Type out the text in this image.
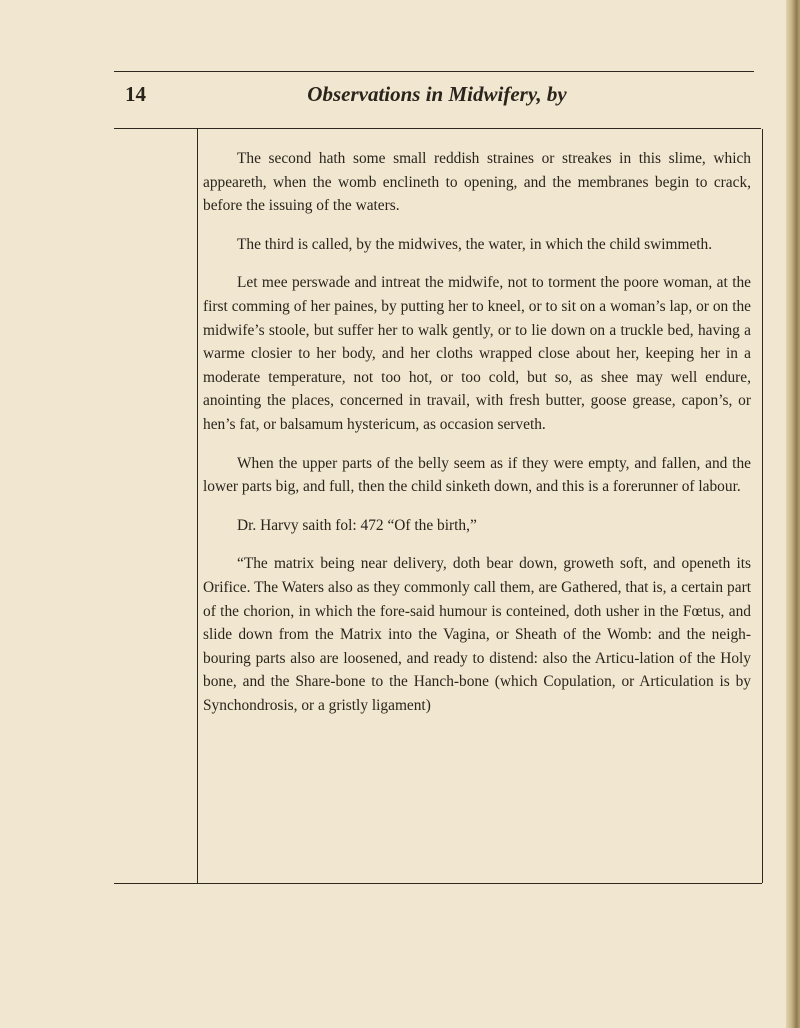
14	Observations in Midwifery, by

The second hath some small reddish straines or streakes in this slime, which appeareth, when the womb enclineth to opening, and the membranes begin to crack, before the issuing of the waters.

The third is called, by the midwives, the water, in which the child swimmeth.

Let mee perswade and intreat the midwife, not to torment the poore woman, at the first comming of her paines, by putting her to kneel, or to sit on a woman’s lap, or on the midwife’s stoole, but suffer her to walk gently, or to lie down on a truckle bed, having a warme closier to her body, and her cloths wrapped close about her, keeping her in a moderate temperature, not too hot, or too cold, but so, as shee may well endure, anointing the places, concerned in travail, with fresh butter, goose grease, capon’s, or hen’s fat, or balsamum hystericum, as occasion serveth.

When the upper parts of the belly seem as if they were empty, and fallen, and the lower parts big, and full, then the child sinketh down, and this is a forerunner of labour.

Dr. Harvy saith fol: 472 “Of the birth,”

“The matrix being near delivery, doth bear down, groweth soft, and openeth its Orifice. The Waters also as they commonly call them, are Gathered, that is, a certain part of the chorion, in which the fore-said humour is conteined, doth usher in the Fœtus, and slide down from the Matrix into the Vagina, or Sheath of the Womb: and the neigh-bouring parts also are loosened, and ready to distend: also the Articu-lation of the Holy bone, and the Share-bone to the Hanch-bone (which Copulation, or Articulation is by Synchondrosis, or a gristly ligament)
